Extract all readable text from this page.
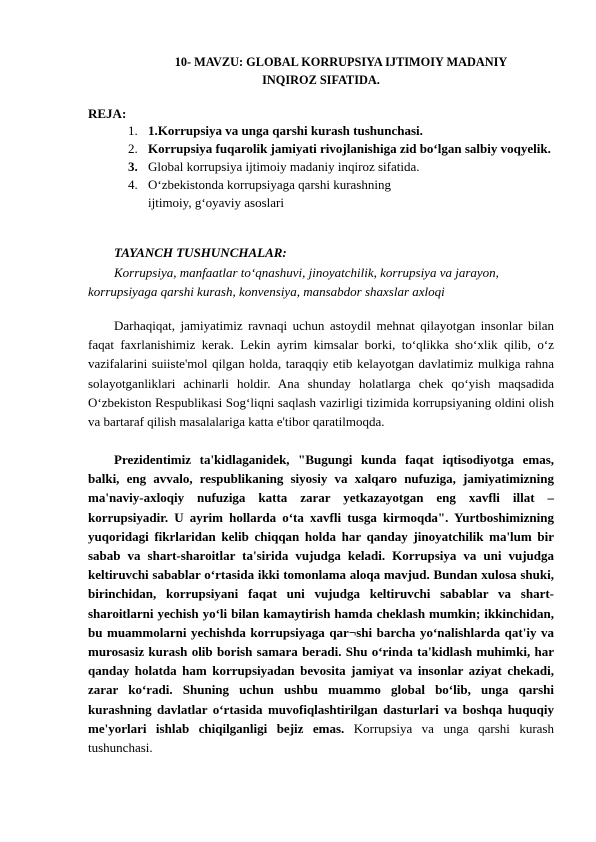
10- MAVZU: GLOBAL KORRUPSIYA IJTIMOIY MADANIY
INQIROZ SIFATIDA.
REJA:
1. 1.Korrupsiya va unga qarshi kurash tushunchasi.
2. Korrupsiya fuqarolik jamiyati rivojlanishiga zid bo‘lgan salbiy voqyelik.
3. Global korrupsiya ijtimoiy madaniy inqiroz sifatida.
4. O‘zbekistonda korrupsiyaga qarshi kurashning ijtimoiy, g‘oyaviy asoslari
TAYANCH TUSHUNCHALAR:
Korrupsiya, manfaatlar to‘qnashuvi, jinoyatchilik, korrupsiya va jarayon, korrupsiyaga qarshi kurash, konvensiya, mansabdor shaxslar axloqi

Darhaqiqat, jamiyatimiz ravnaqi uchun astoydil mehnat qilayotgan insonlar bilan faqat faxrlanishimiz kerak. Lekin ayrim kimsalar borki, to‘qlikka sho‘xlik qilib, o‘z vazifalarini suiiste'mol qilgan holda, taraqqiy etib kelayotgan davlatimiz mulkiga rahna solayotganliklari achinarli holdir. Ana shunday holatlarga chek qo‘yish maqsadida O‘zbekiston Respublikasi Sog‘liqni saqlash vazirligi tizimida korrupsiyaning oldini olish va bartaraf qilish masalalariga katta e'tibor qaratilmoqda.

Prezidentimiz ta'kidlaganidek, "Bugungi kunda faqat iqtisodiyotga emas, balki, eng avvalo, respublikaning siyosiy va xalqaro nufuziga, jamiyatimizning ma'naviy-axloqiy nufuziga katta zarar yetkazayotgan eng xavfli illat – korrupsiyadir. U ayrim hollarda o‘ta xavfli tusga kirmoqda". Yurtboshimizning yuqoridagi fikrlaridan kelib chiqqan holda har qanday jinoyatchilik ma'lum bir sabab va shart-sharoitlar ta'sirida vujudga keladi. Korrupsiya va uni vujudga keltiruvchi sabablar o‘rtasida ikki tomonlama aloqa mavjud. Bundan xulosa shuki, birinchidan, korrupsiyani faqat uni vujudga keltiruvchi sabablar va shart-sharoitlarni yechish yo‘li bilan kamaytirish hamda cheklash mumkin; ikkinchidan, bu muammolarni yechishda korrupsiyaga qar¬shi barcha yo‘nalishlarda qat'iy va murosasiz kurash olib borish samara beradi. Shu o‘rinda ta'kidlash muhimki, har qanday holatda ham korrupsiyadan bevosita jamiyat va insonlar aziyat chekadi, zarar ko‘radi. Shuning uchun ushbu muammo global bo‘lib, unga qarshi kurashning davlatlar o‘rtasida muvofiqlashtirilgan dasturlari va boshqa huquqiy me'yorlari ishlab chiqilganligi bejiz emas. Korrupsiya va unga qarshi kurash tushunchasi.
